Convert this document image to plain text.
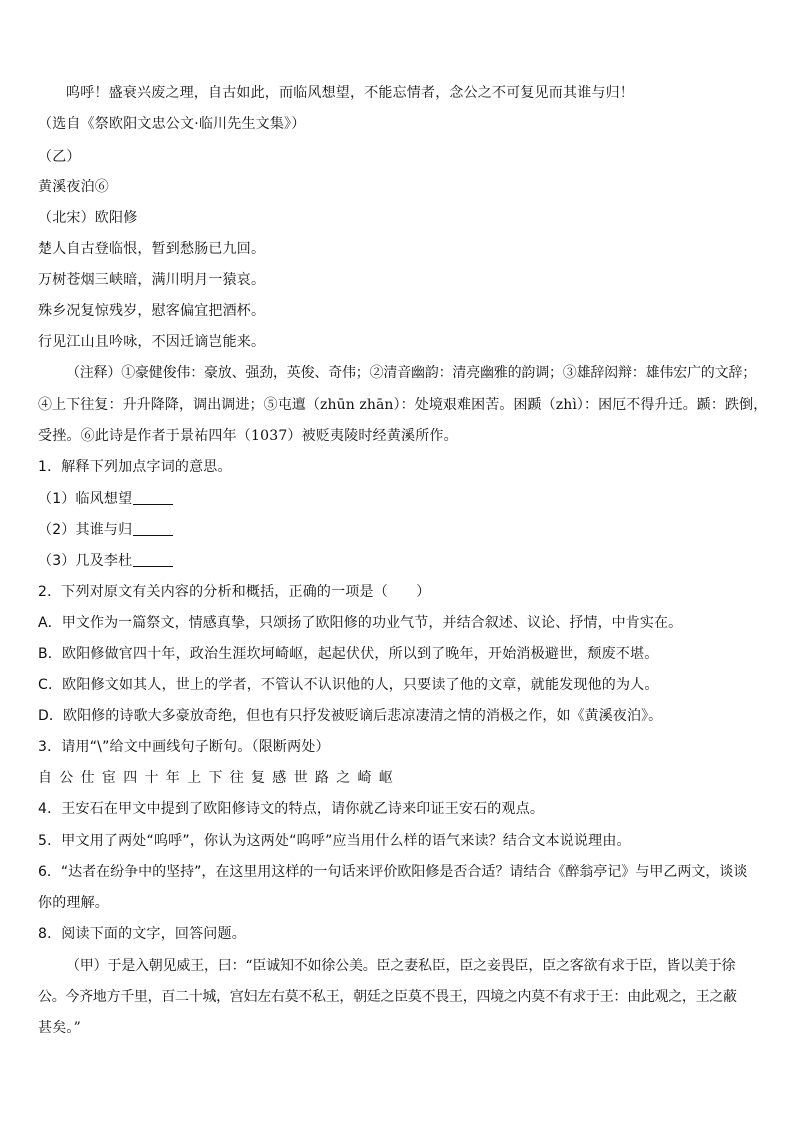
呜呼！盛衰兴废之理，自古如此，而临风想望，不能忘情者，念公之不可复见而其谁与归！
（选自《祭欧阳文忠公文·临川先生文集》）
（乙）
黄溪夜泊⑥
（北宋）欧阳修
楚人自古登临恨，暂到愁肠已九回。
万树苍烟三峡暗，满川明月一猿哀。
殊乡况复惊残岁，慰客偏宜把酒杯。
行见江山且吟咏，不因迁谪岂能来。
（注释）①豪健俊伟：豪放、强劲，英俊、奇伟；②清音幽韵：清亮幽雅的韵调；③雄辞闳辩：雄伟宏广的文辞；
④上下往复：升升降降，调出调进；⑤屯邅（zhūn zhān）：处境艰难困苦。困踬（zhì）：困厄不得升迁。踬：跌倒，
受挫。⑥此诗是作者于景祐四年（1037）被贬夷陵时经黄溪所作。
1．解释下列加点字词的意思。
（1）临风想望
（2）其谁与归
（3）几及李杜
2．下列对原文有关内容的分析和概括，正确的一项是（　　）
A．甲文作为一篇祭文，情感真挚，只颂扬了欧阳修的功业气节，并结合叙述、议论、抒情，中肯实在。
B．欧阳修做官四十年，政治生涯坎坷崎岖，起起伏伏，所以到了晚年，开始消极避世，颓废不堪。
C．欧阳修文如其人，世上的学者，不管认不认识他的人，只要读了他的文章，就能发现他的为人。
D．欧阳修的诗歌大多豪放奇绝，但也有只抒发被贬谪后悲凉凄清之情的消极之作，如《黄溪夜泊》。
3．请用“\”给文中画线句子断句。（限断两处）
自公仕宦四十年上下往复感世路之崎岖
4．王安石在甲文中提到了欧阳修诗文的特点，请你就乙诗来印证王安石的观点。
5．甲文用了两处“呜呼”，你认为这两处“呜呼”应当用什么样的语气来读？结合文本说说理由。
6．“达者在纷争中的坚持”，在这里用这样的一句话来评价欧阳修是否合适？请结合《醉翁亭记》与甲乙两文，谈谈
你的理解。
8．阅读下面的文字，回答问题。
（甲）于是入朝见威王，曰：“臣诚知不如徐公美。臣之妻私臣，臣之妾畏臣，臣之客欲有求于臣，皆以美于徐
公。今齐地方千里，百二十城，宫妇左右莫不私王，朝廷之臣莫不畏王，四境之内莫不有求于王：由此观之，王之蔽
甚矣。”
